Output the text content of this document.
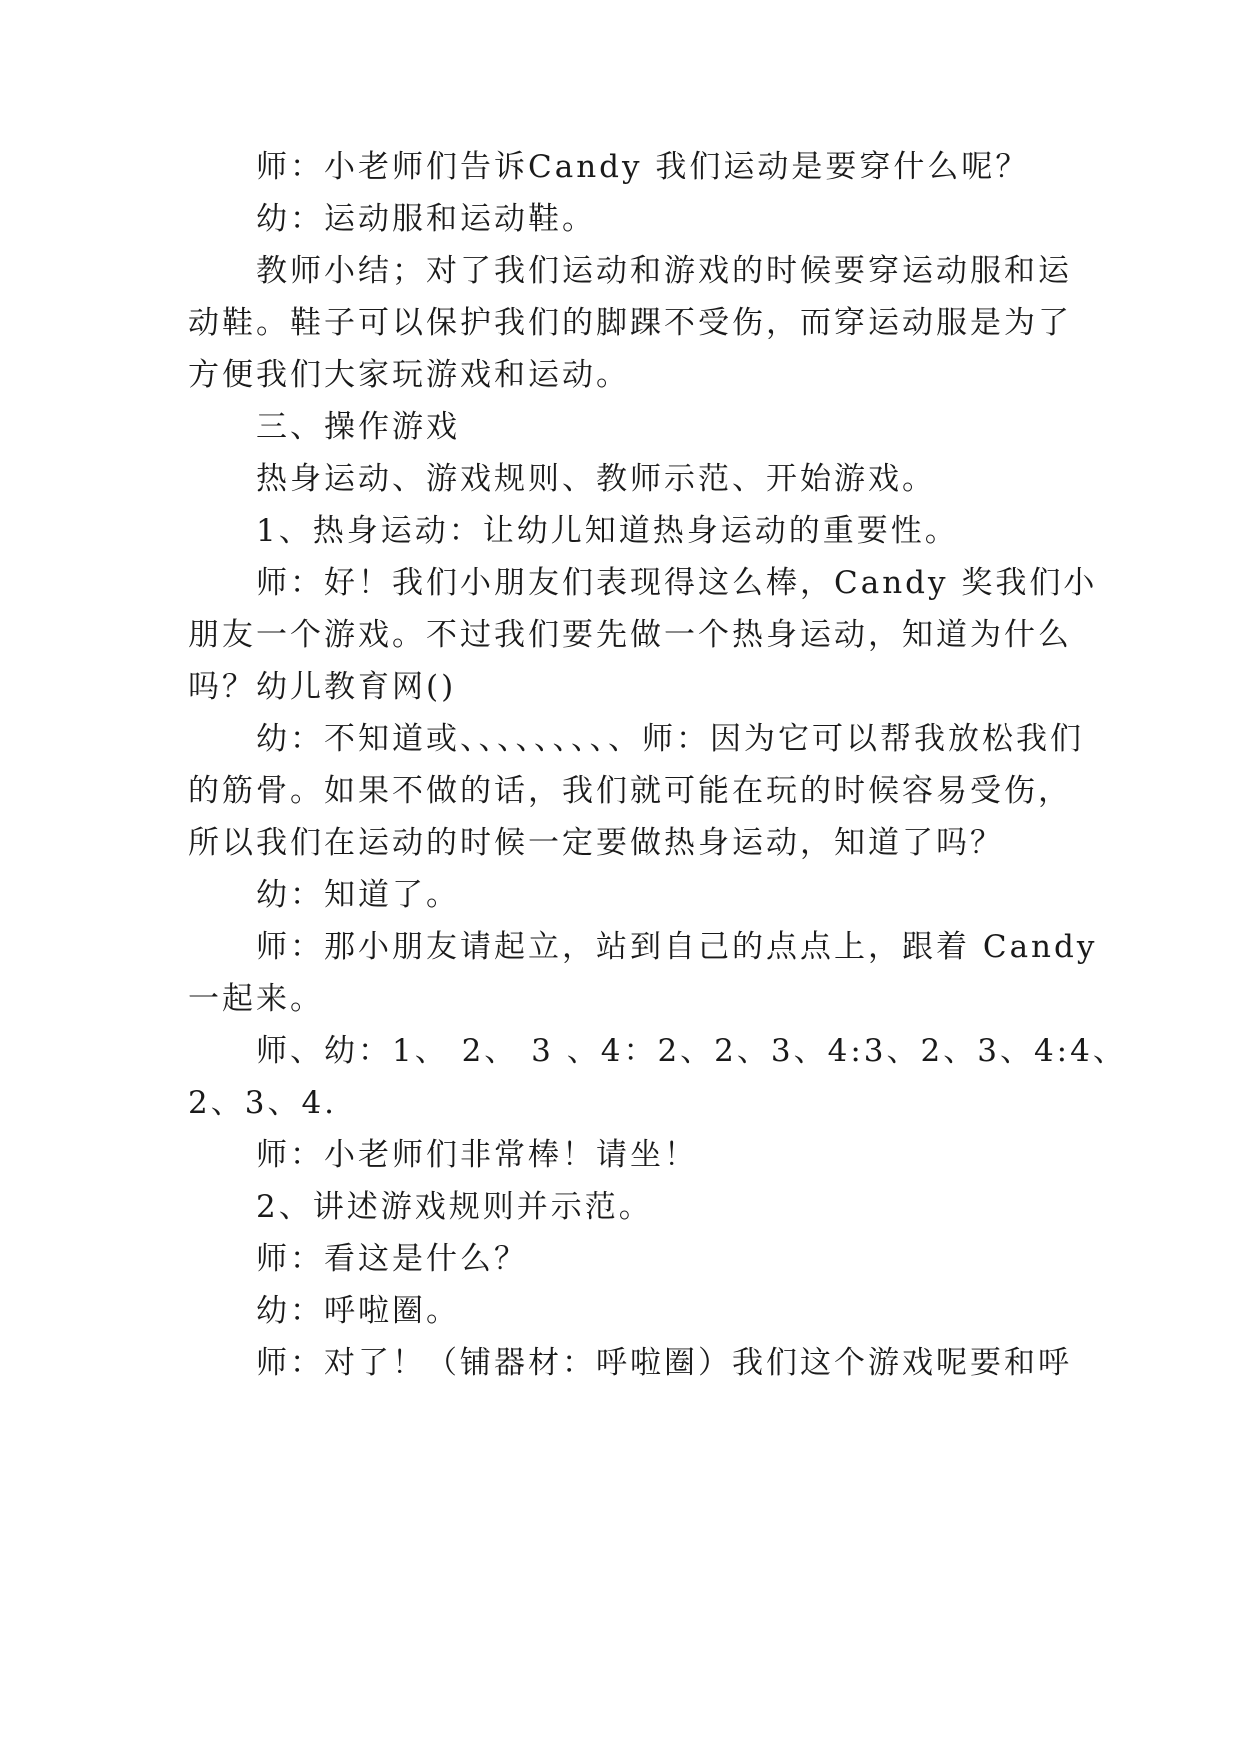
师：小老师们告诉Candy 我们运动是要穿什么呢？

幼：运动服和运动鞋。

教师小结；对了我们运动和游戏的时候要穿运动服和运

动鞋。鞋子可以保护我们的脚踝不受伤，而穿运动服是为了

方便我们大家玩游戏和运动。

三、操作游戏

热身运动、游戏规则、教师示范、开始游戏。

1、热身运动：让幼儿知道热身运动的重要性。

师：好！我们小朋友们表现得这么棒，Candy 奖我们小

朋友一个游戏。不过我们要先做一个热身运动，知道为什么

吗？幼儿教育网()

幼：不知道或、、、、、、、、、师：因为它可以帮我放松我们

的筋骨。如果不做的话，我们就可能在玩的时候容易受伤，

所以我们在运动的时候一定要做热身运动，知道了吗？

幼：知道了。

师：那小朋友请起立，站到自己的点点上，跟着 Candy

一起来。

师、幼：1、 2、 3 、4：2、2、3、4:3、2、3、4:4、

2、3、4.

师：小老师们非常棒！请坐！

2、讲述游戏规则并示范。

师：看这是什么？

幼：呼啦圈。

师：对了！（铺器材：呼啦圈）我们这个游戏呢要和呼
